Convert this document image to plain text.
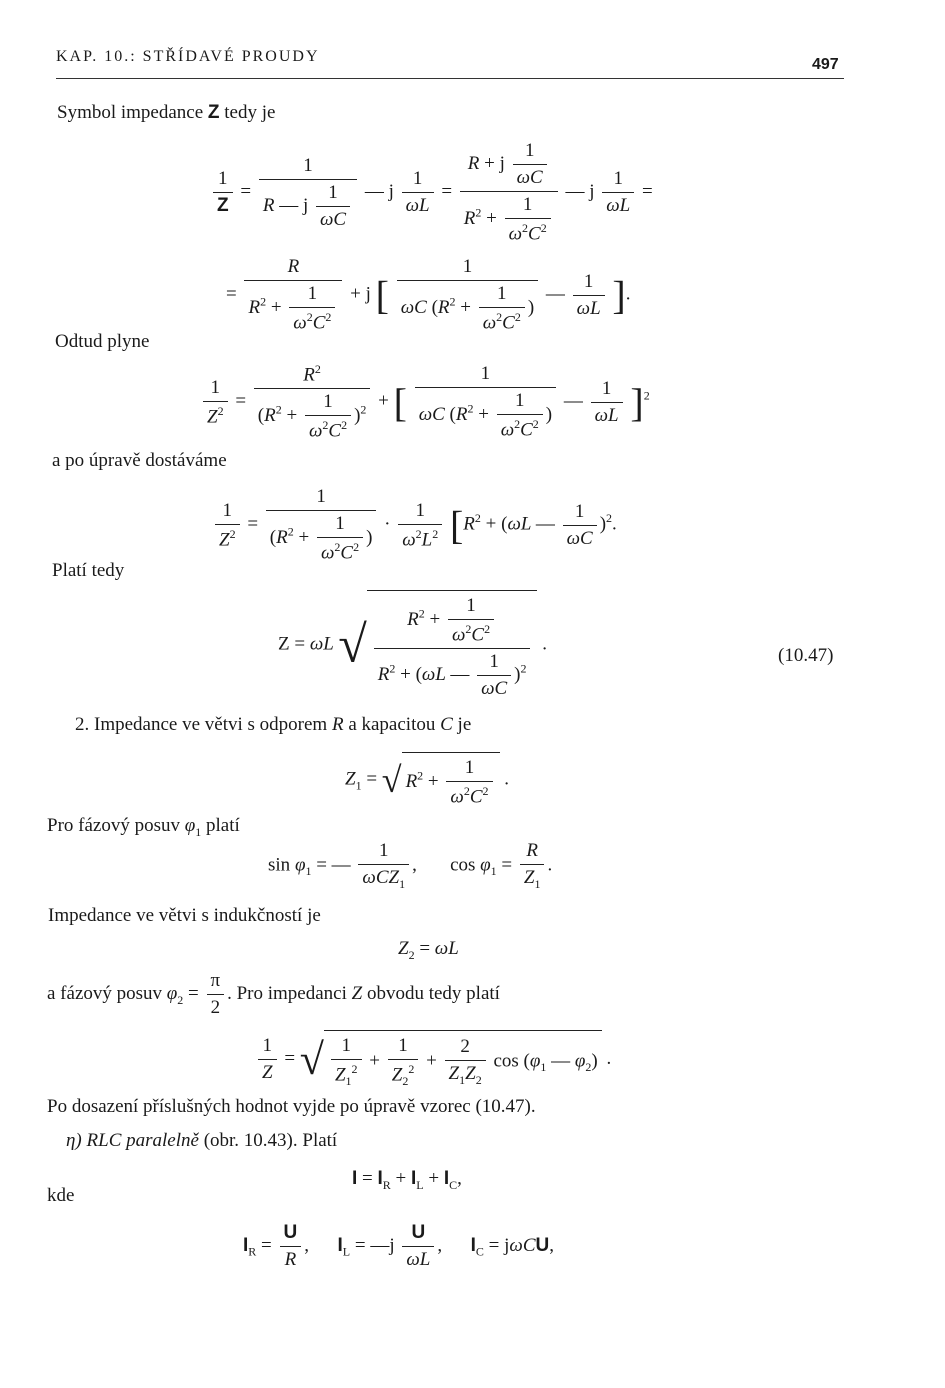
KAP. 10.: STŘÍDAVÉ PROUDY	497
Symbol impedance Z tedy je
$\frac{1}{Z} = \frac{1}{R — j \frac{1}{\omega C}}$ — j $\frac{1}{\omega L} = \frac{R + j \frac{1}{\omega C}}{R^2 + \frac{1}{\omega^2C^2}}$ — j $\frac{1}{\omega L}$ =
= $\frac{R}{R^2 + \frac{1}{\omega^2C^2}} + j$ [ $\frac{1}{\omega C (R^2 + \frac{1}{\omega^2C^2} )}$ — $\frac{1}{\omega L}$ ].
Odtud plyne
$\frac{1}{Z^2} = \frac{R^2}{(R^2 + \frac{1}{\omega^2C^2} )^2}$ + [ $\frac{1}{\omega C (R^2 + \frac{1}{\omega^2C^2} )}$ — $\frac{1}{\omega L} ]^2$
a po úpravě dostáváme
$\frac{1}{Z^2} = \frac{1}{(R^2 + \frac{1}{\omega^2C^2} )} \cdot \frac{1}{\omega^2L^2} [R^2 + (\omega L$ — $\frac{1}{\omega C} )^2$.
Platí tedy
Z = ωL √ $\frac{R^2 + \frac{1}{\omega^2C^2}}{R^2 + (\omega L — \frac{1}{\omega C} )^2}$ .
(10.47)
2. Impedance ve větvi s odporem R a kapacitou C je
$Z_1$ = √ $R^2 + \frac{1}{\omega^2C^2}$ .
Pro fázový posuv $\varphi_1$ platí
$\sin \varphi_1$ = — $\frac{1}{\omega CZ_1}$ , $\cos \varphi_1 = \frac{R}{Z_1}$ .
Impedance ve větvi s indukčností je
$Z_2 = \omega L$
a fázový posuv $\varphi_2 = \frac{\pi}{2}$ . Pro impedanci Z obvodu tedy platí
$\frac{1}{Z}$ = √ $\frac{1}{Z_1^2} + \frac{1}{Z_2^2} + \frac{2}{Z_1Z_2}$ $\cos (\varphi_1$ — $\varphi_2$) .
Po dosazení příslušných hodnot vyjde po úpravě vzorec (10.47).
η) RLC paralelně (obr. 10.43). Platí
$I = I_R + I_L + I_C$,
kde
$I_R = \frac{U}{R}$ , $I_L$ = —j $\frac{U}{\omega L}$ , $I_C = j\omega CU$,
